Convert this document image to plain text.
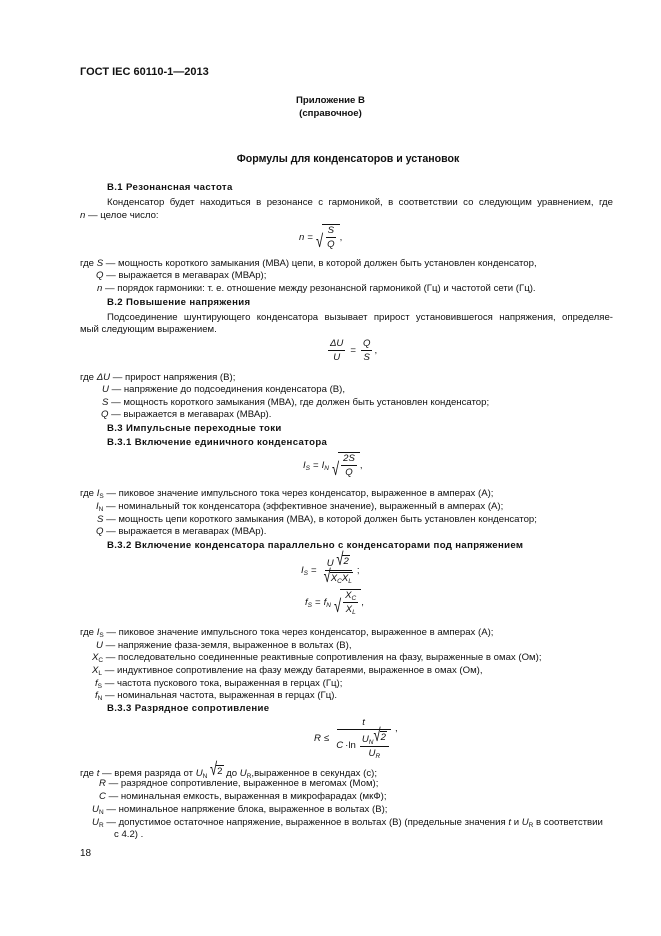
ГОСТ IEC 60110-1—2013
Приложение В
(справочное)
Формулы для конденсаторов и установок
В.1 Резонансная частота
Конденсатор будет находиться в резонансе с гармоникой, в соответствии со следующим уравнением, где
n — целое число:
n = √ $\frac{S}{Q}$ ,
где S — мощность короткого замыкания (МВА) цепи, в которой должен быть установлен конденсатор,
Q — выражается в мегаварах (МВАр);
n — порядок гармоники: т. е. отношение между резонансной гармоникой (Гц) и частотой сети (Гц).
В.2 Повышение напряжения
Подсоединение шунтирующего конденсатора вызывает прирост установившегося напряжения, определяе-
мый следующим выражением.
$\frac{\Delta U}{U} = \frac{Q}{S}$ ,
где ΔU — прирост напряжения (В);
U — напряжение до подсоединения конденсатора (В),
S — мощность короткого замыкания (МВА), где должен быть установлен конденсатор;
Q — выражается в мегаварах (МВАр).
В.3 Импульсные переходные токи
В.3.1 Включение единичного конденсатора
$I_S = I_N$ √ $\frac{2S}{Q}$ ,
где $I_S$ — пиковое значение импульсного тока через конденсатор, выраженное в амперах (А);
$I_N$ — номинальный ток конденсатора (эффективное значение), выраженный в амперах (А);
S — мощность цепи короткого замыкания (МВА), в которой должен быть установлен конденсатор;
Q — выражается в мегаварах (МВАр).
В.3.2 Включение конденсатора параллельно с конденсаторами под напряжением
$I_S = \frac{U √ 2}{√ X_CX_L}$ ;
$f_S = f_N$ √ $\frac{X_C}{X_L}$ ,
где $I_S$ — пиковое значение импульсного тока через конденсатор, выраженное в амперах (А);
U — напряжение фаза-земля, выраженное в вольтах (В),
$X_C$ — последовательно соединенные реактивные сопротивления на фазу, выраженные в омах (Ом);
$X_L$ — индуктивное сопротивление на фазу между батареями, выраженное в омах (Ом),
$f_S$ — частота пускового тока, выраженная в герцах (Гц);
$f_N$ — номинальная частота, выраженная в герцах (Гц).
В.3.3 Разрядное сопротивление
$R \le \frac{t}{C \cdot\ln \frac{U_N √ 2}{U_R}}$ ,
где t — время разряда от $U_N$ √ 2 до $U_R,выраженное$ в секундах (с);
R — разрядное сопротивление, выраженное в мегомах (Мом);
C — номинальная емкость, выраженная в микрофарадах (мкФ);
$U_N$ — номинальное напряжение блока, выраженное в вольтах (В);
$U_R$ — допустимое остаточное напряжение, выраженное в вольтах (В) (предельные значения t и $U_R$ в соответствии
с 4.2) .
18
